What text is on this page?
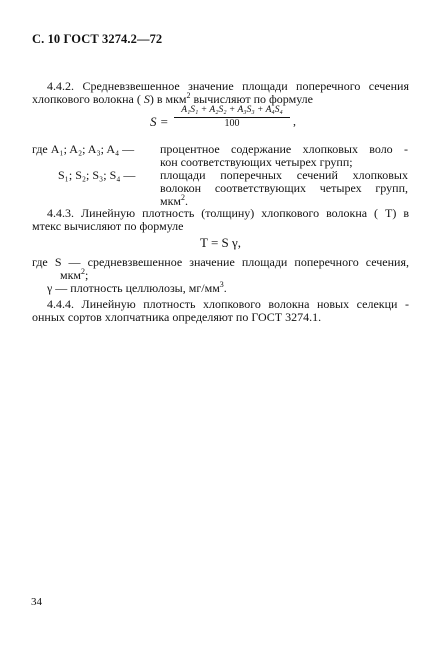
С. 10 ГОСТ 3274.2—72
4.4.2. Средневзвешенное значение площади поперечного сечения
хлопкового волокна ( S) в мкм$^2$ вычисляют по формуле
$S = \frac{\text{A₁S₁ + A₂S₂ + A₃S₃ + A₄S₄}}{100}$ ,
где A₁; A₂; A₃; A₄ — процентное содержание хлопковых воло -
кон соответствующих четырех групп;
S₁; S₂; S₃; S₄ — площади поперечных сечений хлопковых
волокон соответствующих четырех групп,
мкм$^2$.
4.4.3. Линейную плотность (толщину) хлопкового волокна ( T) в
мтекс вычисляют по формуле
T = S γ,
где S — средневзвешенное значение площади поперечного сечения,
мкм$^2$;
γ — плотность целлюлозы, $мг/мм^3$.
4.4.4. Линейную плотность хлопкового волокна новых селекци -
онных сортов хлопчатника определяют по ГОСТ 3274.1.
34
